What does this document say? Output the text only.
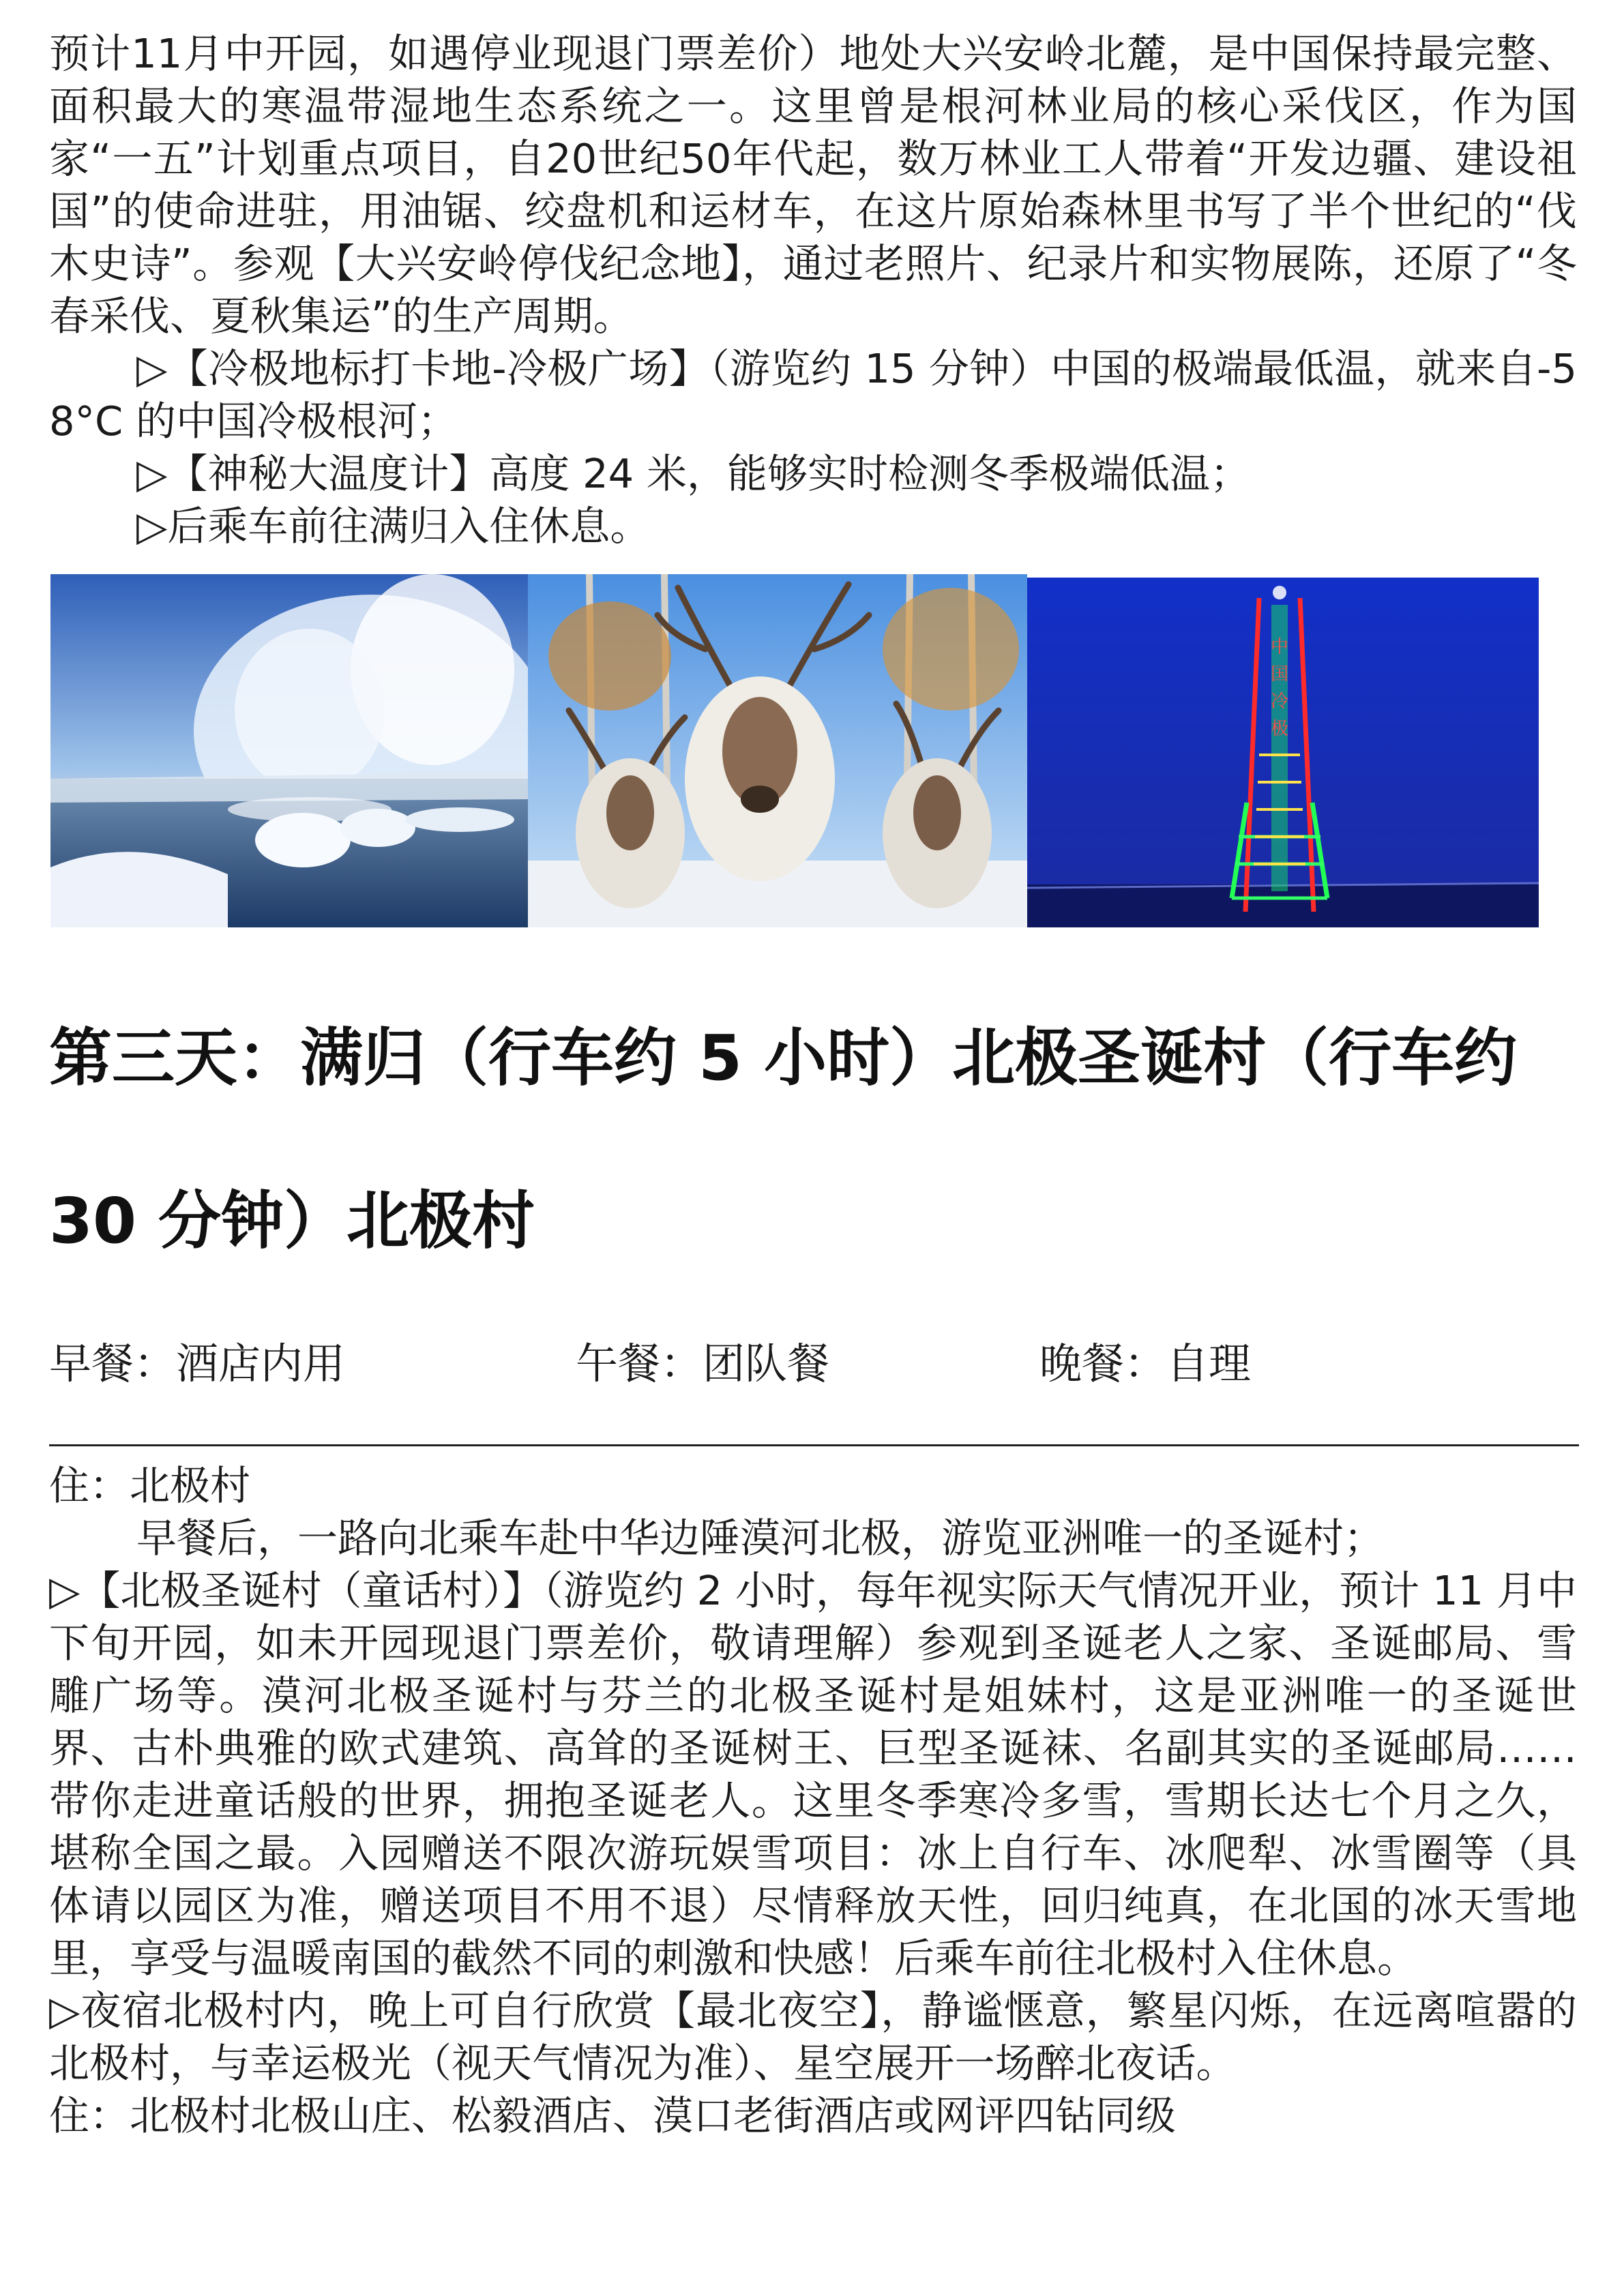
预计11月中开园，如遇停业现退门票差价）地处大兴安岭北麓，是中国保持最完整、面积最大的寒温带湿地生态系统之一。这里曾是根河林业局的核心采伐区，作为国家“一五”计划重点项目，自20世纪50年代起，数万林业工人带着“开发边疆、建设祖国”的使命进驻，用油锯、绞盘机和运材车，在这片原始森林里书写了半个世纪的“伐木史诗”。参观【大兴安岭停伐纪念地】，通过老照片、纪录片和实物展陈，还原了“冬春采伐、夏秋集运”的生产周期。

▷【冷极地标打卡地-冷极广场】（游览约 15 分钟）中国的极端最低温，就来自-58°C 的中国冷极根河；

▷【神秘大温度计】高度 24 米，能够实时检测冬季极端低温；

▷后乘车前往满归入住休息。

中
国
冷
极
第三天：满归（行车约 5 小时）北极圣诞村（行车约
30 分钟）北极村
早餐：酒店内用	午餐：团队餐	晚餐：自理

住：北极村

早餐后，一路向北乘车赴中华边陲漠河北极，游览亚洲唯一的圣诞村；

▷【北极圣诞村（童话村）】（游览约 2 小时，每年视实际天气情况开业，预计 11 月中下旬开园，如未开园现退门票差价，敬请理解）参观到圣诞老人之家、圣诞邮局、雪雕广场等。漠河北极圣诞村与芬兰的北极圣诞村是姐妹村，这是亚洲唯一的圣诞世界、古朴典雅的欧式建筑、高耸的圣诞树王、巨型圣诞袜、名副其实的圣诞邮局……带你走进童话般的世界，拥抱圣诞老人。这里冬季寒冷多雪，雪期长达七个月之久，堪称全国之最。入园赠送不限次游玩娱雪项目：冰上自行车、冰爬犁、冰雪圈等（具体请以园区为准，赠送项目不用不退）尽情释放天性，回归纯真，在北国的冰天雪地里，享受与温暖南国的截然不同的刺激和快感！后乘车前往北极村入住休息。

▷夜宿北极村内，晚上可自行欣赏【最北夜空】，静谧惬意，繁星闪烁，在远离喧嚣的北极村，与幸运极光（视天气情况为准）、星空展开一场醉北夜话。

住：北极村北极山庄、松毅酒店、漠口老街酒店或网评四钻同级
